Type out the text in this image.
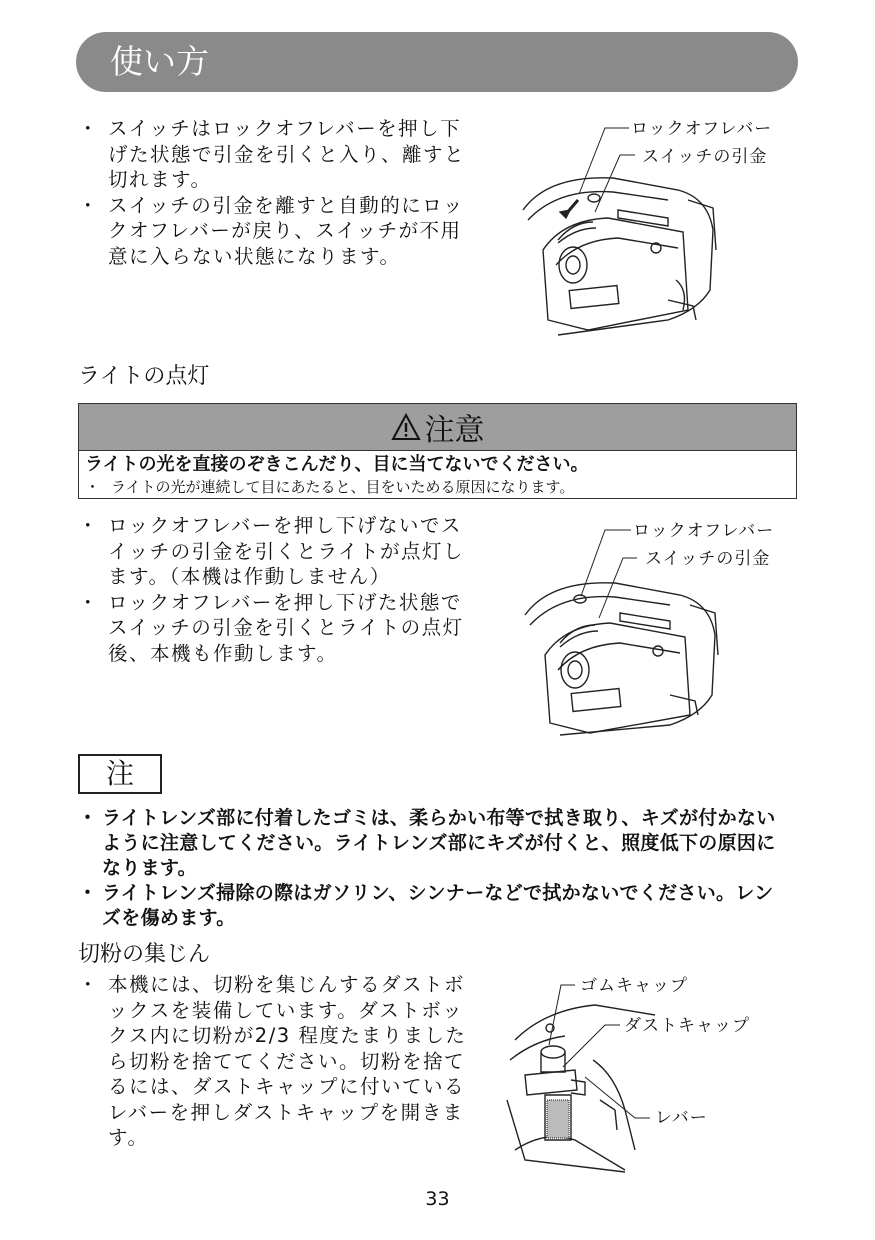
使い方
・ スイッチはロックオフレバーを押し下げた状態で引金を引くと入り、離すと切れます。
・ スイッチの引金を離すと自動的にロックオフレバーが戻り、スイッチが不用意に入らない状態になります。
ロックオフレバー
スイッチの引金
ライトの点灯
注意
ライトの光を直接のぞきこんだり、目に当てないでください。
・ ライトの光が連続して目にあたると、目をいためる原因になります。
・ ロックオフレバーを押し下げないでスイッチの引金を引くとライトが点灯します。（本機は作動しません）
・ ロックオフレバーを押し下げた状態でスイッチの引金を引くとライトの点灯後、本機も作動します。
ロックオフレバー
スイッチの引金
注
・ ライトレンズ部に付着したゴミは、柔らかい布等で拭き取り、キズが付かないように注意してください。ライトレンズ部にキズが付くと、照度低下の原因になります。
・ ライトレンズ掃除の際はガソリン、シンナーなどで拭かないでください。レンズを傷めます。
切粉の集じん
・ 本機には、切粉を集じんするダストボックスを装備しています。ダストボックス内に切粉が2/3 程度たまりましたら切粉を捨ててください。切粉を捨てるには、ダストキャップに付いているレバーを押しダストキャップを開きます。
ゴムキャップ
ダストキャップ
レバー
33
